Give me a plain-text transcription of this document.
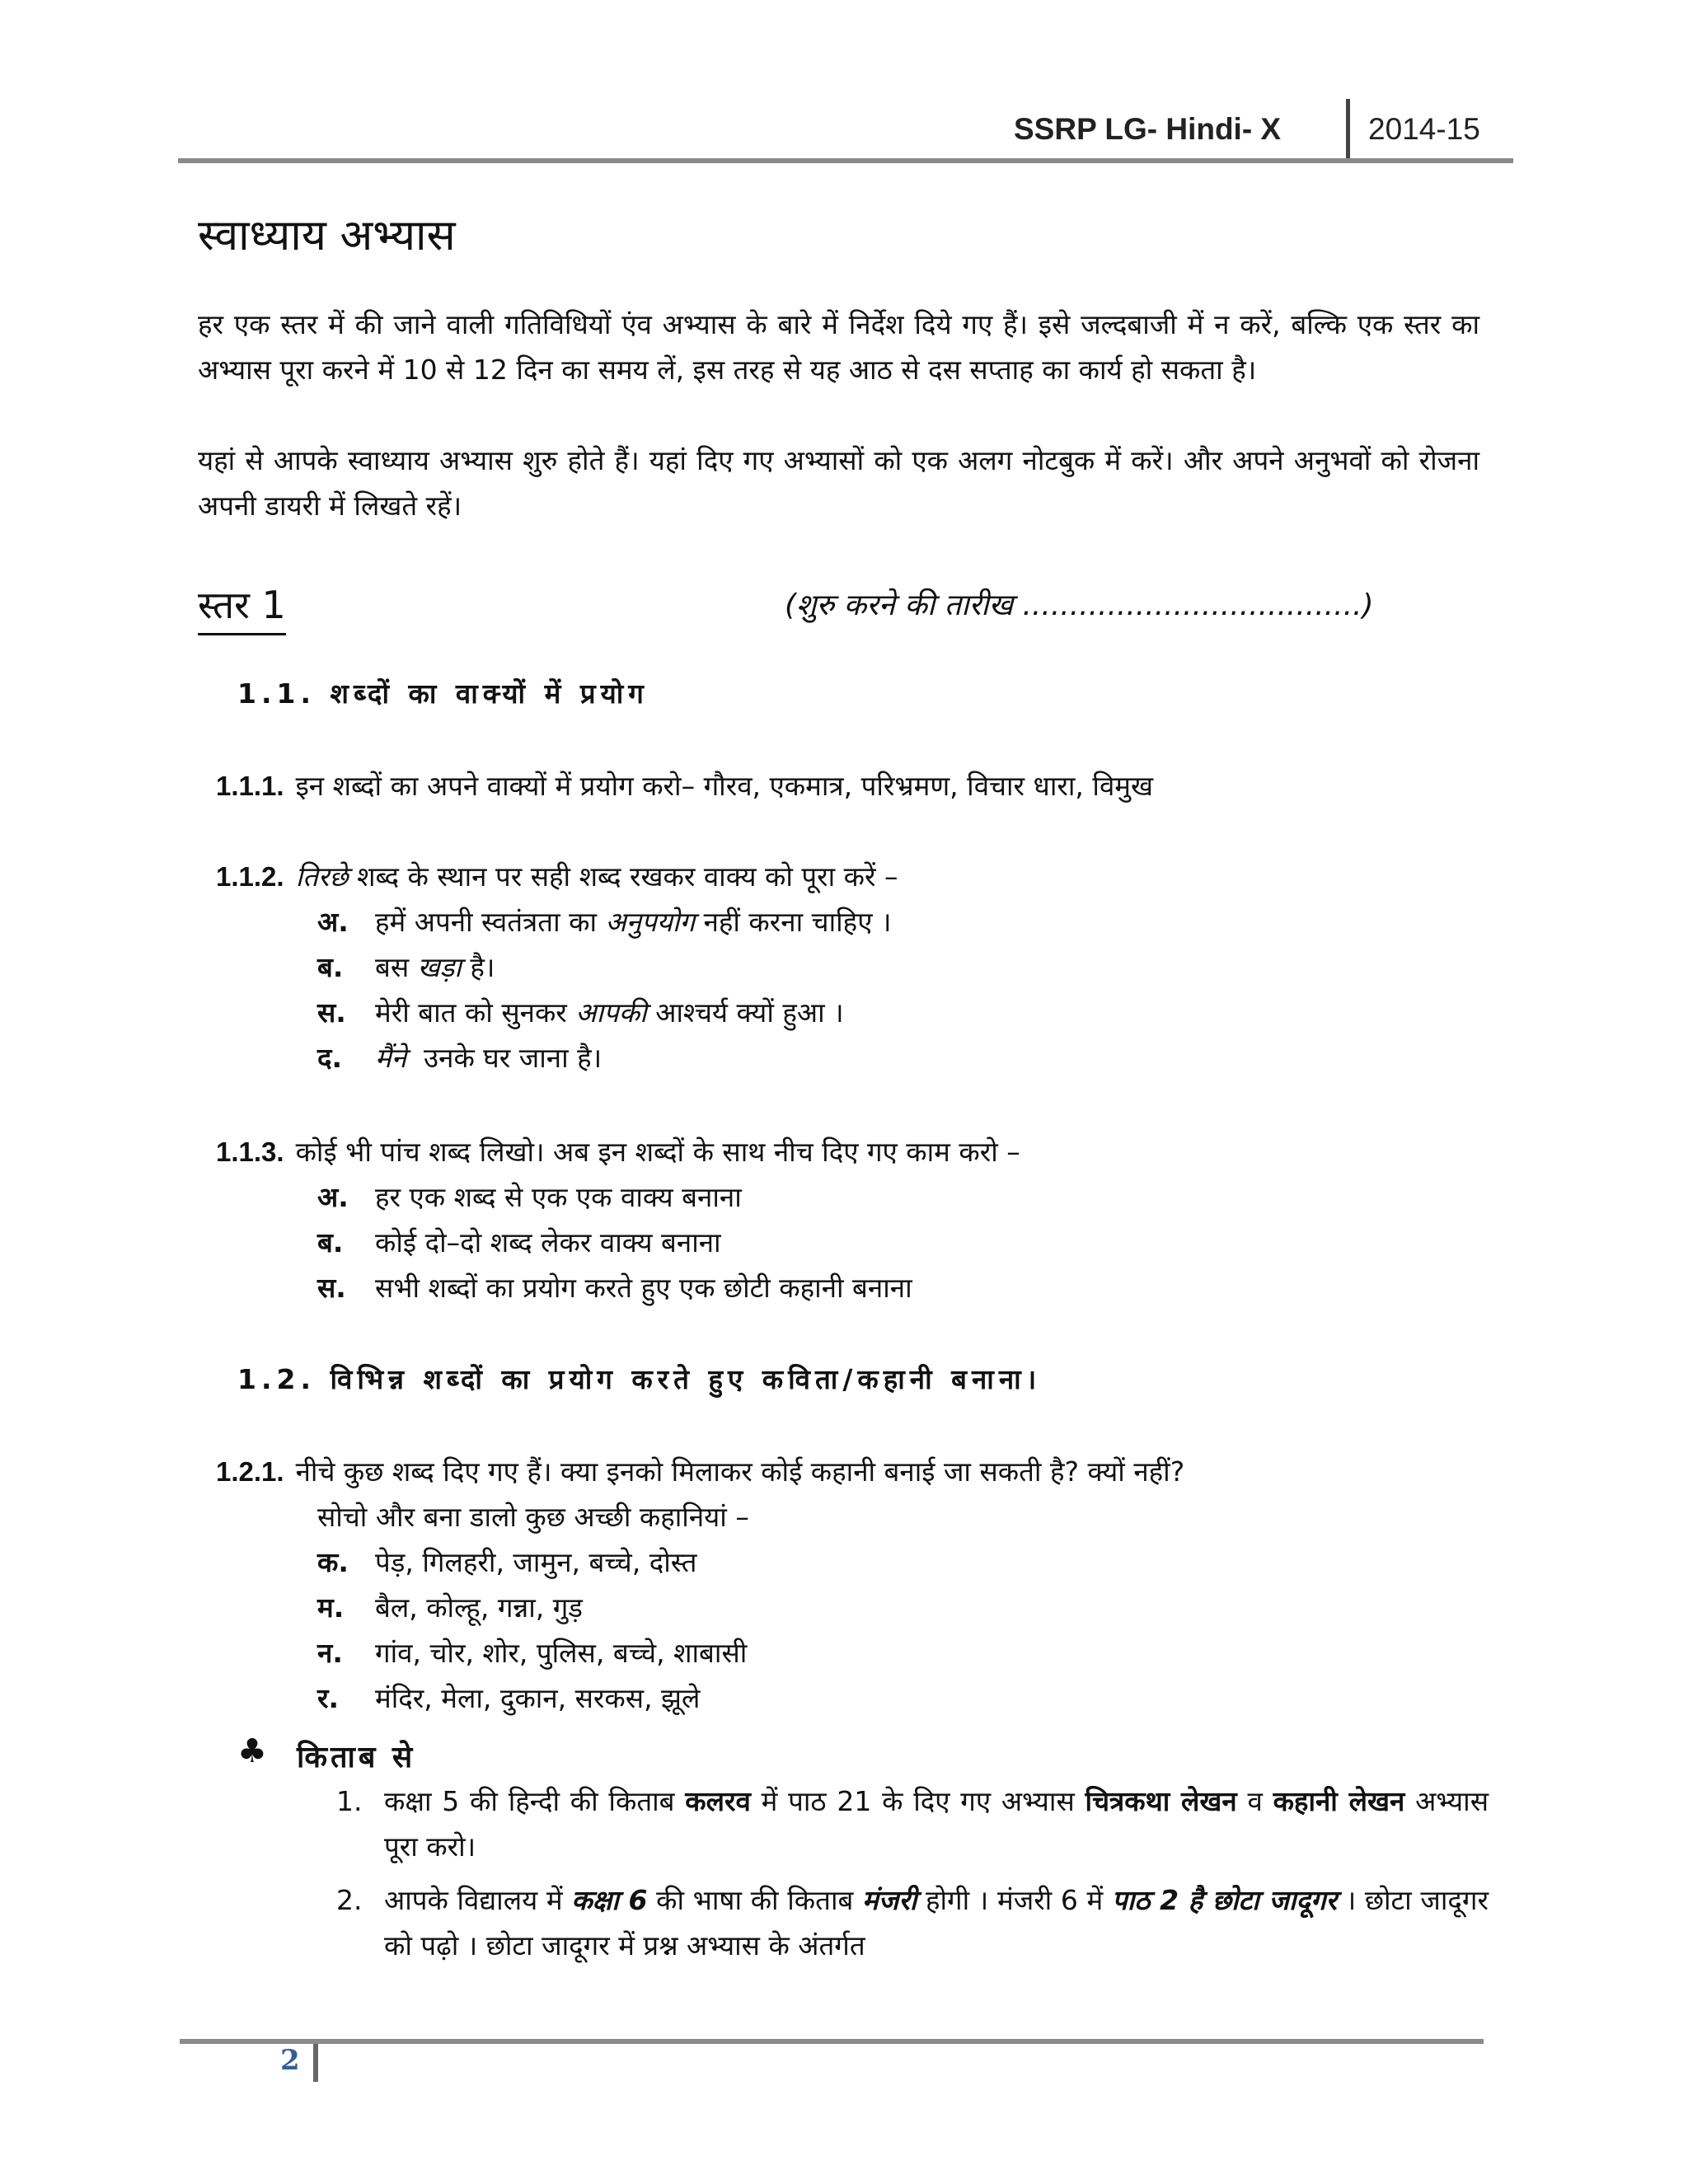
SSRP LG- Hindi- X	2014-15
स्वाध्याय अभ्यास
हर एक स्तर में की जाने वाली गतिविधियों एंव अभ्यास के बारे में निर्देश दिये गए हैं। इसे जल्दबाजी में न करें, बल्कि एक स्तर का अभ्यास पूरा करने में 10 से 12 दिन का समय लें, इस तरह से यह आठ से दस सप्ताह का कार्य हो सकता है।
यहां से आपके स्वाध्याय अभ्यास शुरु होते हैं। यहां दिए गए अभ्यासों को एक अलग नोटबुक में करें। और अपने अनुभवों को रोजना अपनी डायरी में लिखते रहें।
स्तर 1	(शुरु करने की तारीख ....................................)
1.1. शब्दों का वाक्यों में प्रयोग
1.1.1. इन शब्दों का अपने वाक्यों में प्रयोग करो– गौरव, एकमात्र, परिभ्रमण, विचार धारा, विमुख
1.1.2. तिरछे शब्द के स्थान पर सही शब्द रखकर वाक्य को पूरा करें –
अ. हमें अपनी स्वतंत्रता का अनुपयोग नहीं करना चाहिए ।
ब. बस खड़ा है।
स. मेरी बात को सुनकर आपकी आश्चर्य क्यों हुआ ।
द. मैंने उनके घर जाना है।
1.1.3. कोई भी पांच शब्द लिखो। अब इन शब्दों के साथ नीच दिए गए काम करो –
अ. हर एक शब्द से एक एक वाक्य बनाना
ब. कोई दो–दो शब्द लेकर वाक्य बनाना
स. सभी शब्दों का प्रयोग करते हुए एक छोटी कहानी बनाना
1.2. विभिन्न शब्दों का प्रयोग करते हुए कविता/कहानी बनाना।
1.2.1. नीचे कुछ शब्द दिए गए हैं। क्या इनको मिलाकर कोई कहानी बनाई जा सकती है? क्यों नहीं?
सोचो और बना डालो कुछ अच्छी कहानियां –
क. पेड़, गिलहरी, जामुन, बच्चे, दोस्त
म. बैल, कोल्हू, गन्ना, गुड़
न. गांव, चोर, शोर, पुलिस, बच्चे, शाबासी
र. मंदिर, मेला, दुकान, सरकस, झूले
♣ किताब से
1. कक्षा 5 की हिन्दी की किताब कलरव में पाठ 21 के दिए गए अभ्यास चित्रकथा लेखन व कहानी लेखन अभ्यास पूरा करो।
2. आपके विद्यालय में कक्षा 6 की भाषा की किताब मंजरी होगी । मंजरी 6 में पाठ 2 है छोटा जादूगर । छोटा जादूगर को पढ़ो । छोटा जादूगर में प्रश्न अभ्यास के अंतर्गत
2
